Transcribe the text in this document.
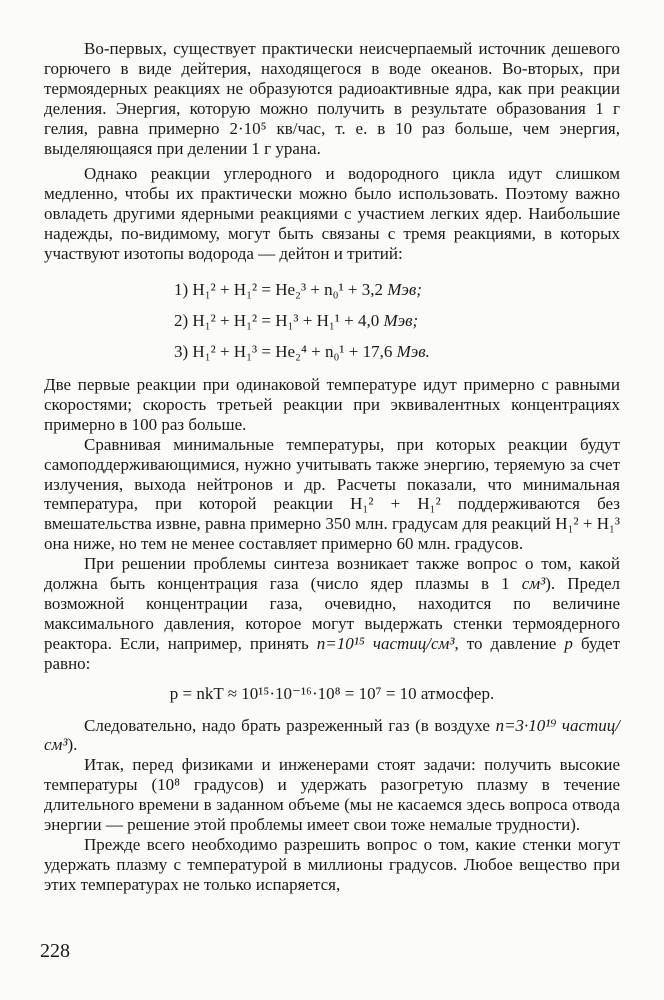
Во-первых, существует практически неисчерпаемый источник дешевого горючего в виде дейтерия, находящегося в воде океанов. Во-вторых, при термоядерных реакциях не образуются радиоактивные ядра, как при реакции деления. Энергия, которую можно получить в результате образования 1 г гелия, равна примерно 2·10⁵ кв/час, т. е. в 10 раз больше, чем энергия, выделяющаяся при делении 1 г урана.

Однако реакции углеродного и водородного цикла идут слишком медленно, чтобы их практически можно было использовать. Поэтому важно овладеть другими ядерными реакциями с участием легких ядер. Наибольшие надежды, по-видимому, могут быть связаны с тремя реакциями, в которых участвуют изотопы водорода — дейтон и тритий:

1) H₁² + H₁² = He₂³ + n₀¹ + 3,2 Мэв;
2) H₁² + H₁² = H₁³ + H₁¹ + 4,0 Мэв;
3) H₁² + H₁³ = He₂⁴ + n₀¹ + 17,6 Мэв.

Две первые реакции при одинаковой температуре идут примерно с равными скоростями; скорость третьей реакции при эквивалентных концентрациях примерно в 100 раз больше.

Сравнивая минимальные температуры, при которых реакции будут самоподдерживающимися, нужно учитывать также энергию, теряемую за счет излучения, выхода нейтронов и др. Расчеты показали, что минимальная температура, при которой реакции H₁² + H₁² поддерживаются без вмешательства извне, равна примерно 350 млн. градусам для реакций H₁² + H₁³ она ниже, но тем не менее составляет примерно 60 млн. градусов.

При решении проблемы синтеза возникает также вопрос о том, какой должна быть концентрация газа (число ядер плазмы в 1 см³). Предел возможной концентрации газа, очевидно, находится по величине максимального давления, которое могут выдержать стенки термоядерного реактора. Если, например, принять n=10¹⁵ частиц/см³, то давление p будет равно:

p = nkT ≈ 10¹⁵·10⁻¹⁶·10⁸ = 10⁷ = 10 атмосфер.

Следовательно, надо брать разреженный газ (в воздухе n=3·10¹⁹ частиц/см³).

Итак, перед физиками и инженерами стоят задачи: получить высокие температуры (10⁸ градусов) и удержать разогретую плазму в течение длительного времени в заданном объеме (мы не касаемся здесь вопроса отвода энергии — решение этой проблемы имеет свои тоже немалые трудности).

Прежде всего необходимо разрешить вопрос о том, какие стенки могут удержать плазму с температурой в миллионы градусов. Любое вещество при этих температурах не только испаряется,

228
